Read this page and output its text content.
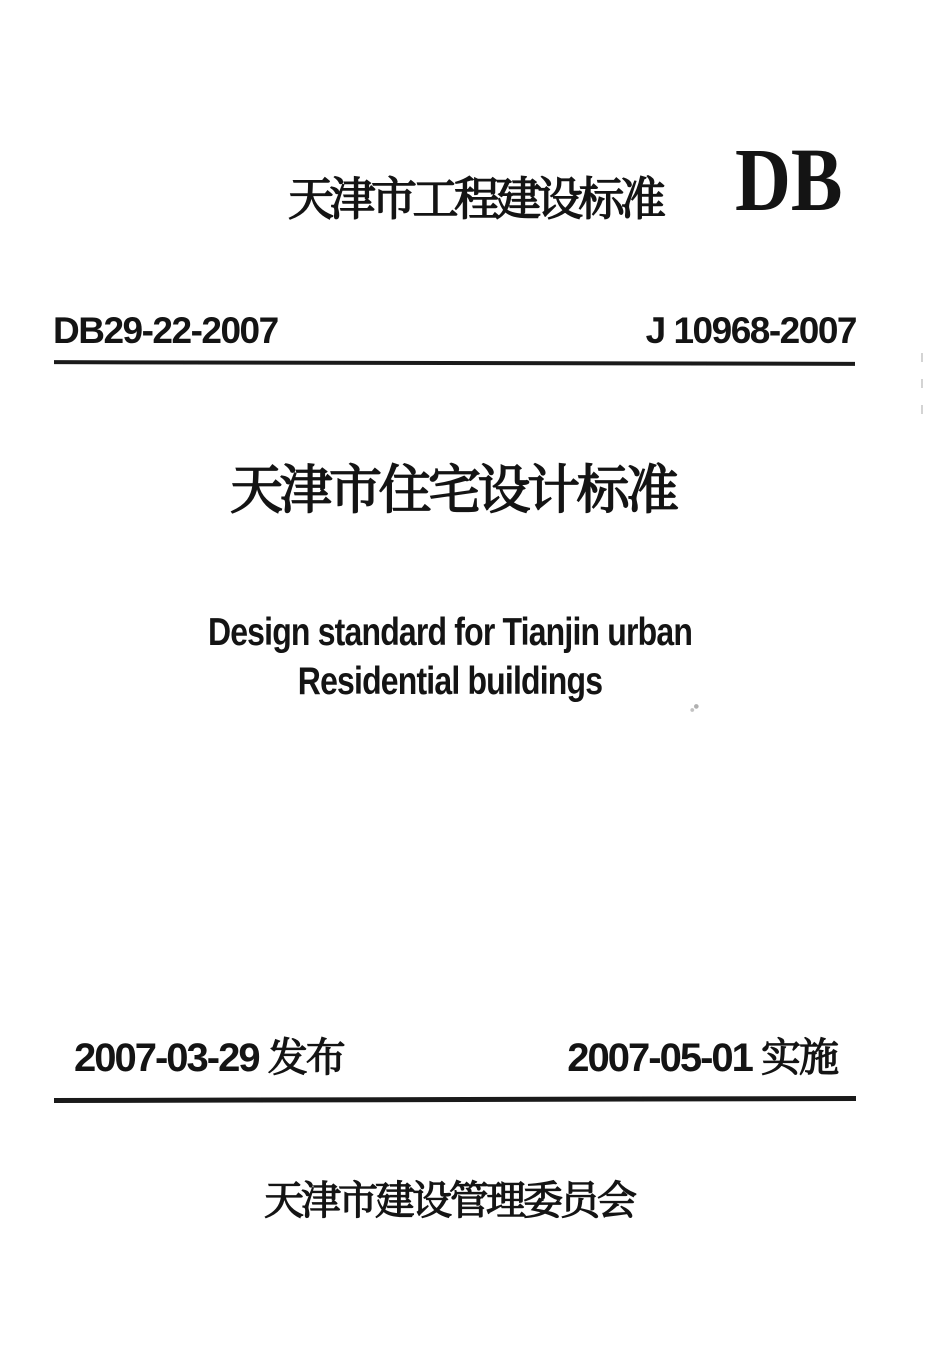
天津市工程建设标准 DB
DB29-22-2007	J 10968-2007
天津市住宅设计标准
Design standard for Tianjin urban
Residential buildings
2007-03-29 发布	2007-05-01 实施
天津市建设管理委员会
